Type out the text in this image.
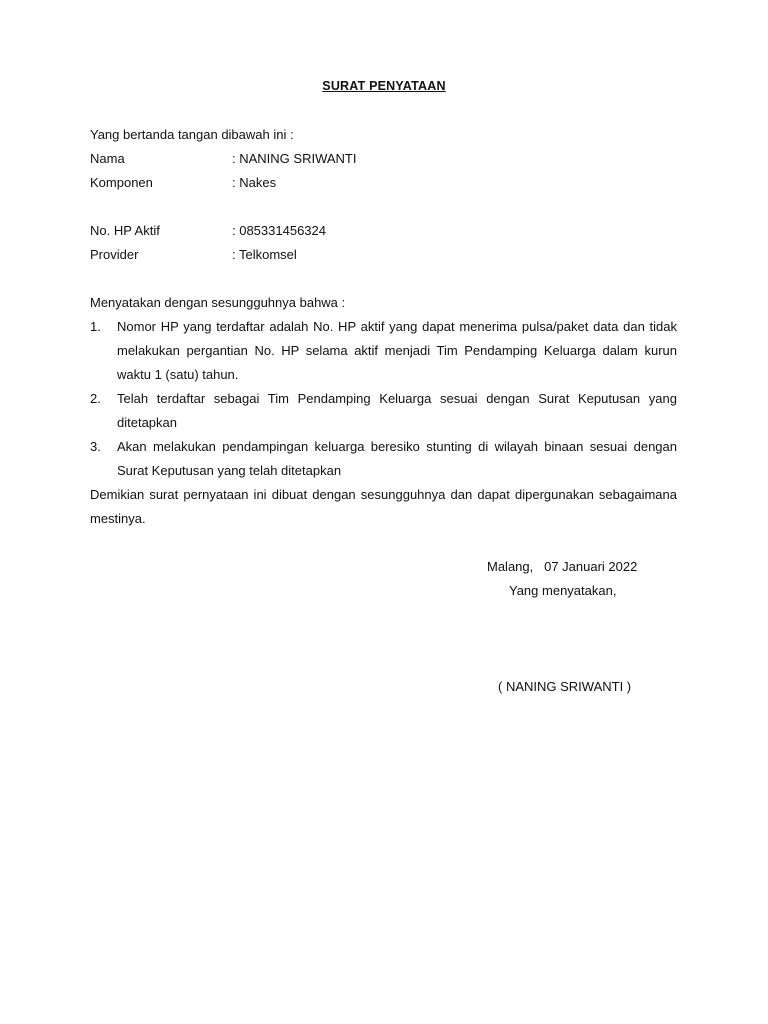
SURAT PENYATAAN
Yang bertanda tangan dibawah ini :
Nama	: NANING SRIWANTI
Komponen	: Nakes
No. HP Aktif	: 085331456324
Provider	: Telkomsel
Menyatakan dengan sesungguhnya bahwa :
1. Nomor HP yang terdaftar adalah No. HP aktif yang dapat menerima pulsa/paket data dan tidak melakukan pergantian No. HP selama aktif menjadi Tim Pendamping Keluarga dalam kurun waktu 1 (satu) tahun.
2. Telah terdaftar sebagai Tim Pendamping Keluarga sesuai dengan Surat Keputusan yang ditetapkan
3. Akan melakukan pendampingan keluarga beresiko stunting di wilayah binaan sesuai dengan Surat Keputusan yang telah ditetapkan
Demikian surat pernyataan ini dibuat dengan sesungguhnya dan dapat dipergunakan sebagaimana mestinya.
Malang,   07 Januari 2022
Yang menyatakan,
( NANING SRIWANTI )
